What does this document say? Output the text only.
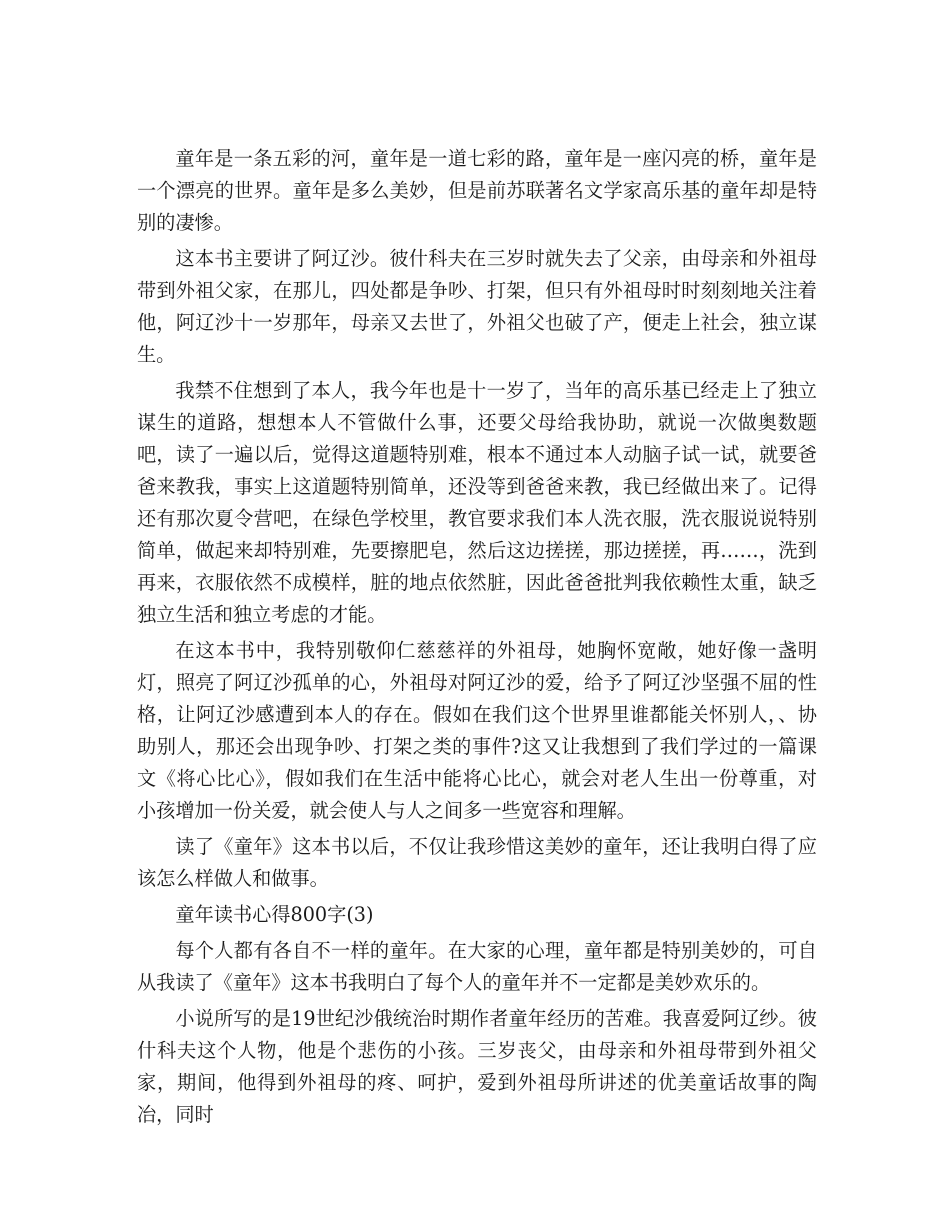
童年是一条五彩的河，童年是一道七彩的路，童年是一座闪亮的桥，童年是一个漂亮的世界。童年是多么美妙，但是前苏联著名文学家高乐基的童年却是特别的凄惨。

这本书主要讲了阿辽沙。彼什科夫在三岁时就失去了父亲，由母亲和外祖母带到外祖父家，在那儿，四处都是争吵、打架，但只有外祖母时时刻刻地关注着他，阿辽沙十一岁那年，母亲又去世了，外祖父也破了产，便走上社会，独立谋生。

我禁不住想到了本人，我今年也是十一岁了，当年的高乐基已经走上了独立谋生的道路，想想本人不管做什么事，还要父母给我协助，就说一次做奥数题吧，读了一遍以后，觉得这道题特别难，根本不通过本人动脑子试一试，就要爸爸来教我，事实上这道题特别简单，还没等到爸爸来教，我已经做出来了。记得还有那次夏令营吧，在绿色学校里，教官要求我们本人洗衣服，洗衣服说说特别简单，做起来却特别难，先要擦肥皂，然后这边搓搓，那边搓搓，再……，洗到再来，衣服依然不成模样，脏的地点依然脏，因此爸爸批判我依赖性太重，缺乏独立生活和独立考虑的才能。

在这本书中，我特别敬仰仁慈慈祥的外祖母，她胸怀宽敞，她好像一盏明灯，照亮了阿辽沙孤单的心，外祖母对阿辽沙的爱，给予了阿辽沙坚强不屈的性格，让阿辽沙感遭到本人的存在。假如在我们这个世界里谁都能关怀别人，、协助别人，那还会出现争吵、打架之类的事件?这又让我想到了我们学过的一篇课文《将心比心》，假如我们在生活中能将心比心，就会对老人生出一份尊重，对小孩增加一份关爱，就会使人与人之间多一些宽容和理解。

读了《童年》这本书以后，不仅让我珍惜这美妙的童年，还让我明白得了应该怎么样做人和做事。

童年读书心得800字(3)

每个人都有各自不一样的童年。在大家的心理，童年都是特别美妙的，可自从我读了《童年》这本书我明白了每个人的童年并不一定都是美妙欢乐的。

小说所写的是19世纪沙俄统治时期作者童年经历的苦难。我喜爱阿辽纱。彼什科夫这个人物，他是个悲伤的小孩。三岁丧父，由母亲和外祖母带到外祖父家，期间，他得到外祖母的疼、呵护，爱到外祖母所讲述的优美童话故事的陶冶，同时
